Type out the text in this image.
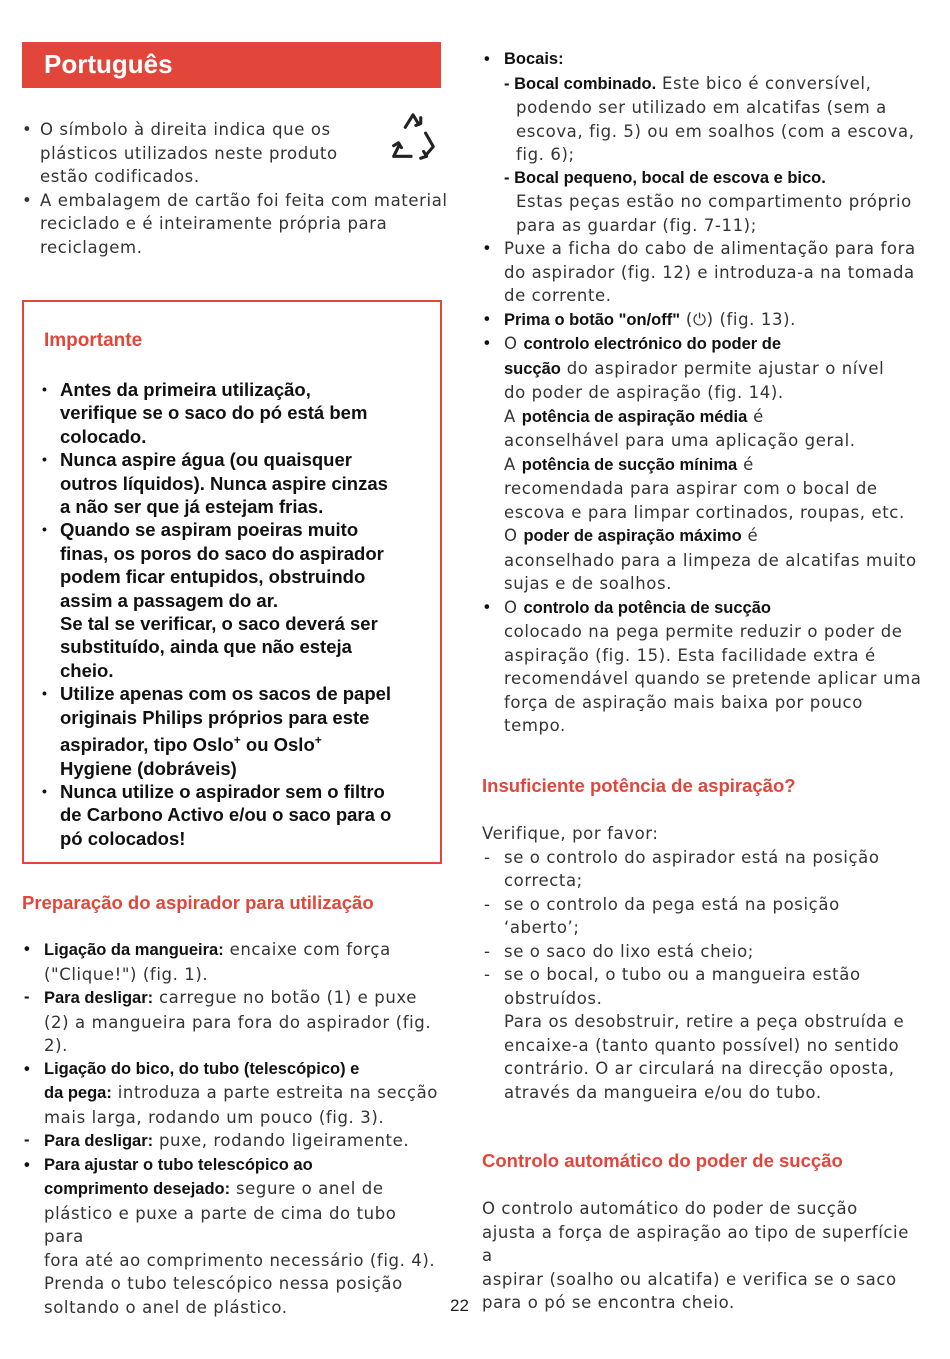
Português
• O símbolo à direita indica que os
plásticos utilizados neste produto
estão codificados.
• A embalagem de cartão foi feita com material
reciclado e é inteiramente própria para
reciclagem.
Importante
• Antes da primeira utilização,
verifique se o saco do pó está bem
colocado.
• Nunca aspire água (ou quaisquer
outros líquidos). Nunca aspire cinzas
a não ser que já estejam frias.
• Quando se aspiram poeiras muito
finas, os poros do saco do aspirador
podem ficar entupidos, obstruindo
assim a passagem do ar.
Se tal se verificar, o saco deverá ser
substituído, ainda que não esteja
cheio.
• Utilize apenas com os sacos de papel
originais Philips próprios para este
aspirador, tipo Oslo+ ou Oslo+
Hygiene (dobráveis)
• Nunca utilize o aspirador sem o filtro
de Carbono Activo e/ou o saco para o
pó colocados!
Preparação do aspirador para utilização
• Ligação da mangueira: encaixe com força
("Clique!") (fig. 1).
- Para desligar: carregue no botão (1) e puxe
(2) a mangueira para fora do aspirador (fig. 2).
• Ligação do bico, do tubo (telescópico) e
da pega: introduza a parte estreita na secção
mais larga, rodando um pouco (fig. 3).
- Para desligar: puxe, rodando ligeiramente.
• Para ajustar o tubo telescópico ao
comprimento desejado: segure o anel de
plástico e puxe a parte de cima do tubo para
fora até ao comprimento necessário (fig. 4).
Prenda o tubo telescópico nessa posição
soltando o anel de plástico.
• Bocais:
- Bocal combinado. Este bico é conversível,
podendo ser utilizado em alcatifas (sem a
escova, fig. 5) ou em soalhos (com a escova,
fig. 6);
- Bocal pequeno, bocal de escova e bico.
Estas peças estão no compartimento próprio
para as guardar (fig. 7-11);
• Puxe a ficha do cabo de alimentação para fora
do aspirador (fig. 12) e introduza-a na tomada
de corrente.
• Prima o botão "on/off" (⏻) (fig. 13).
• O controlo electrónico do poder de
sucção do aspirador permite ajustar o nível
do poder de aspiração (fig. 14).
A potência de aspiração média é
aconselhável para uma aplicação geral.
A potência de sucção mínima é
recomendada para aspirar com o bocal de
escova e para limpar cortinados, roupas, etc.
O poder de aspiração máximo é
aconselhado para a limpeza de alcatifas muito
sujas e de soalhos.
• O controlo da potência de sucção
colocado na pega permite reduzir o poder de
aspiração (fig. 15). Esta facilidade extra é
recomendável quando se pretende aplicar uma
força de aspiração mais baixa por pouco
tempo.
Insuficiente potência de aspiração?
Verifique, por favor:
- se o controlo do aspirador está na posição
correcta;
- se o controlo da pega está na posição
‘aberto’;
- se o saco do lixo está cheio;
- se o bocal, o tubo ou a mangueira estão
obstruídos.
Para os desobstruir, retire a peça obstruída e
encaixe-a (tanto quanto possível) no sentido
contrário. O ar circulará na direcção oposta,
através da mangueira e/ou do tubo.
Controlo automático do poder de sucção
O controlo automático do poder de sucção
ajusta a força de aspiração ao tipo de superfície a
aspirar (soalho ou alcatifa) e verifica se o saco
para o pó se encontra cheio.
22
